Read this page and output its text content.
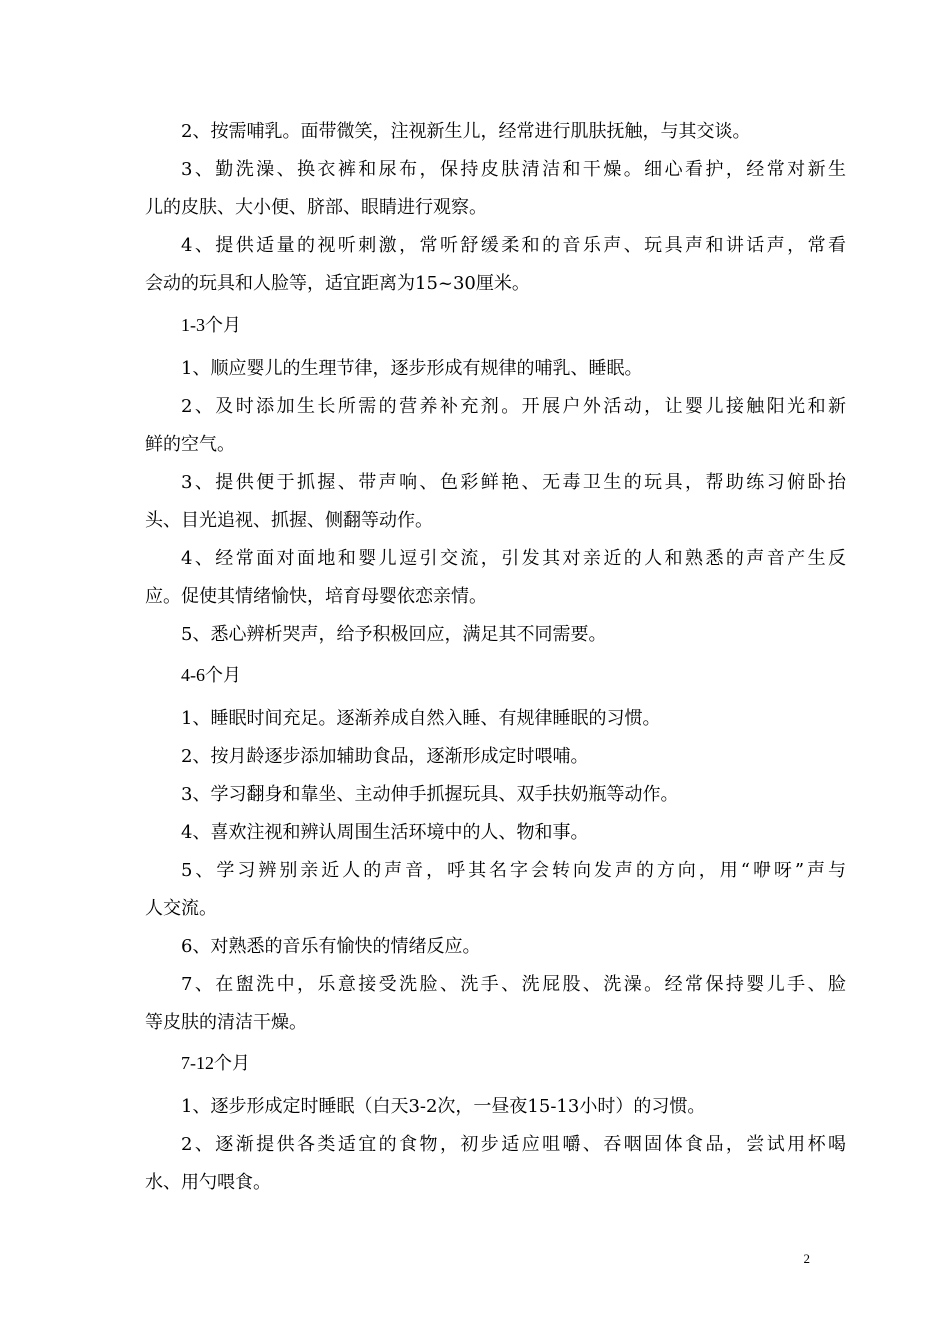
2、按需哺乳。面带微笑，注视新生儿，经常进行肌肤抚触，与其交谈。
3、勤洗澡、换衣裤和尿布，保持皮肤清洁和干燥。细心看护，经常对新生
儿的皮肤、大小便、脐部、眼睛进行观察。
4、提供适量的视听刺激，常听舒缓柔和的音乐声、玩具声和讲话声，常看
会动的玩具和人脸等，适宜距离为15~30厘米。
1-3个月
1、顺应婴儿的生理节律，逐步形成有规律的哺乳、睡眠。
2、及时添加生长所需的营养补充剂。开展户外活动，让婴儿接触阳光和新
鲜的空气。
3、提供便于抓握、带声响、色彩鲜艳、无毒卫生的玩具，帮助练习俯卧抬
头、目光追视、抓握、侧翻等动作。
4、经常面对面地和婴儿逗引交流，引发其对亲近的人和熟悉的声音产生反
应。促使其情绪愉快，培育母婴依恋亲情。
5、悉心辨析哭声，给予积极回应，满足其不同需要。
4-6个月
1、睡眠时间充足。逐渐养成自然入睡、有规律睡眠的习惯。
2、按月龄逐步添加辅助食品，逐渐形成定时喂哺。
3、学习翻身和靠坐、主动伸手抓握玩具、双手扶奶瓶等动作。
4、喜欢注视和辨认周围生活环境中的人、物和事。
5、学习辨别亲近人的声音，呼其名字会转向发声的方向，用“咿呀”声与
人交流。
6、对熟悉的音乐有愉快的情绪反应。
7、在盥洗中，乐意接受洗脸、洗手、洗屁股、洗澡。经常保持婴儿手、脸
等皮肤的清洁干燥。
7-12个月
1、逐步形成定时睡眠（白天3-2次，一昼夜15-13小时）的习惯。
2、逐渐提供各类适宜的食物，初步适应咀嚼、吞咽固体食品，尝试用杯喝
水、用勺喂食。
2
